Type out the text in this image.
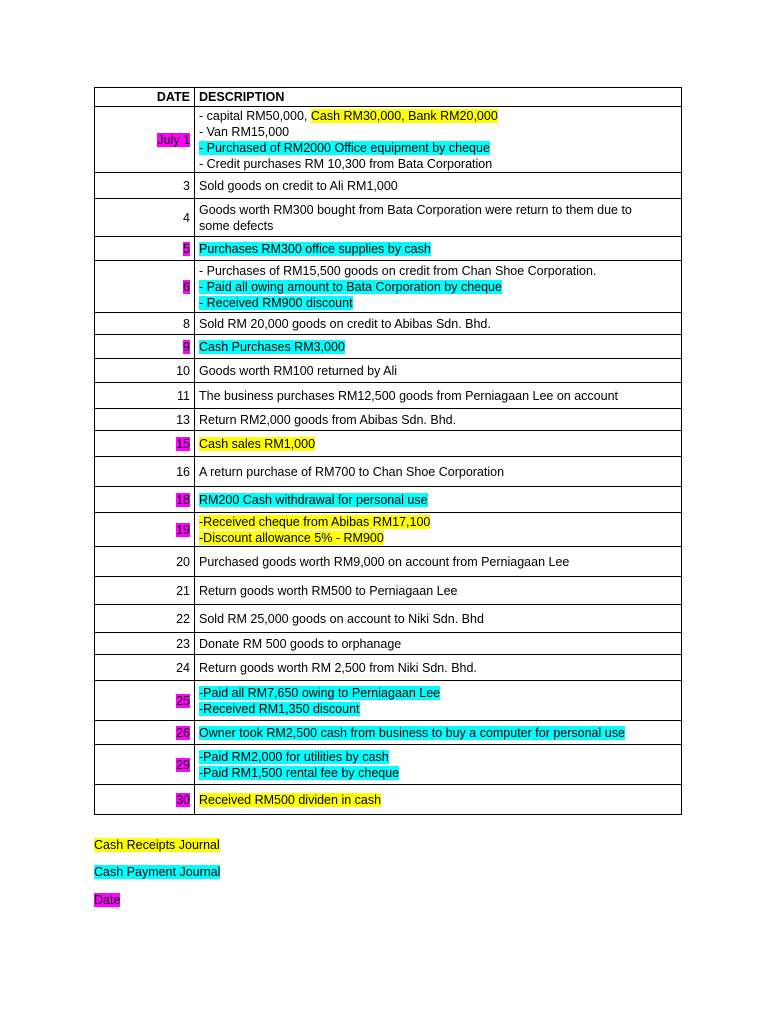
DATE	DESCRIPTION
July 1	- capital RM50,000, Cash RM30,000, Bank RM20,000
- Van RM15,000
- Purchased of RM2000 Office equipment by cheque
- Credit purchases RM 10,300 from Bata Corporation

3	Sold goods on credit to Ali RM1,000

4	Goods worth RM300 bought from Bata Corporation were return to them due to
some defects

5	Purchases RM300 office supplies by cash

6	- Purchases of RM15,500 goods on credit from Chan Shoe Corporation.
- Paid all owing amount to Bata Corporation by cheque
- Received RM900 discount

8	Sold RM 20,000 goods on credit to Abibas Sdn. Bhd.

9	Cash Purchases RM3,000

10	Goods worth RM100 returned by Ali

11	The business purchases RM12,500 goods from Perniagaan Lee on account

13	Return RM2,000 goods from Abibas Sdn. Bhd.

15	Cash sales RM1,000

16	A return purchase of RM700 to Chan Shoe Corporation

18	RM200 Cash withdrawal for personal use

19	-Received cheque from Abibas RM17,100
-Discount allowance 5% - RM900

20	Purchased goods worth RM9,000 on account from Perniagaan Lee

21	Return goods worth RM500 to Perniagaan Lee

22	Sold RM 25,000 goods on account to Niki Sdn. Bhd

23	Donate RM 500 goods to orphanage

24	Return goods worth RM 2,500 from Niki Sdn. Bhd.

25	-Paid all RM7,650 owing to Perniagaan Lee
-Received RM1,350 discount

26	Owner took RM2,500 cash from business to buy a computer for personal use

29	-Paid RM2,000 for utilities by cash
-Paid RM1,500 rental fee by cheque

30	Received RM500 dividen in cash
Cash Receipts Journal
Cash Payment Journal
Date
